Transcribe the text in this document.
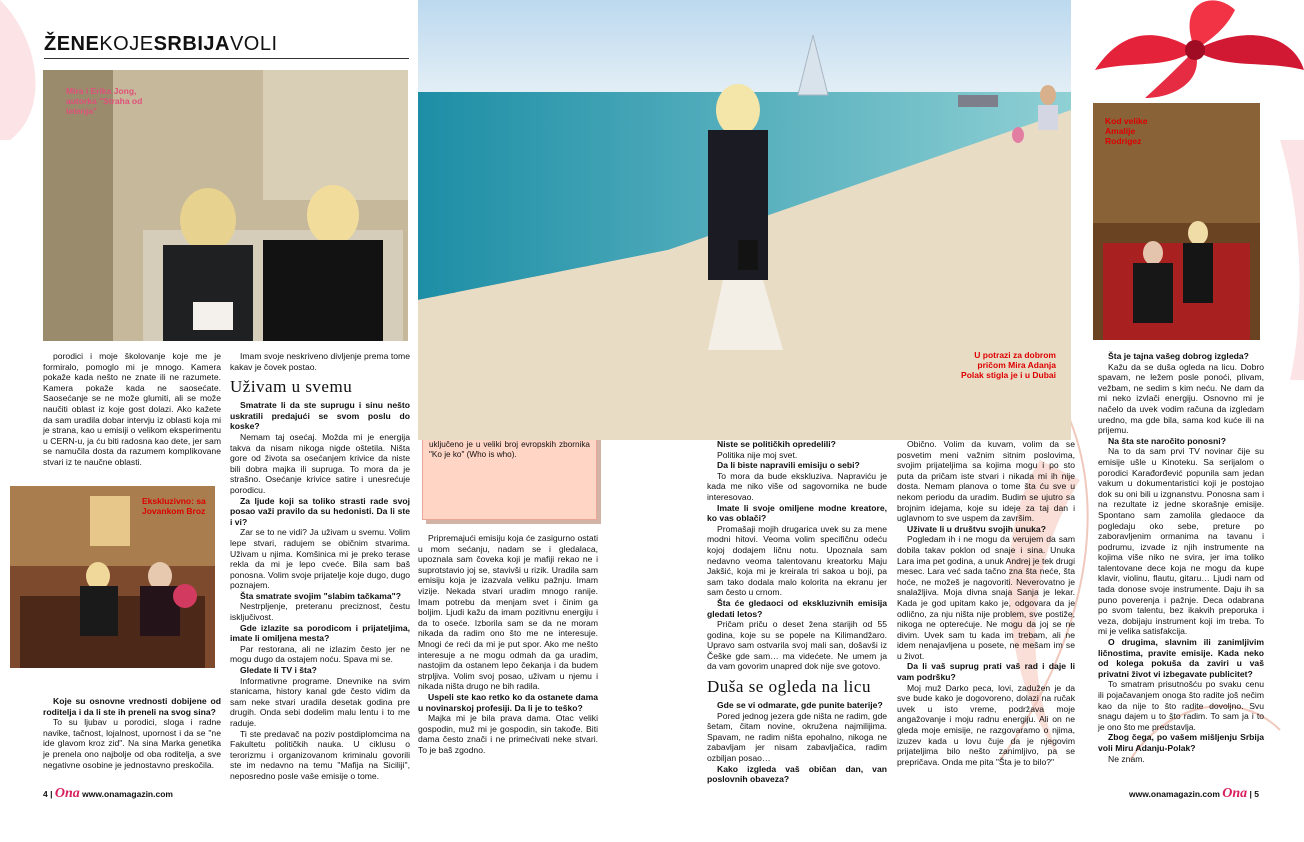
ŽENEKOJESRBIJAVOLI
Mira i Erika Jong, autorka "Straha od letenja"
Ekskluzivno: sa Jovankom Broz

porodici i moje školovanje koje me je formiralo, pomoglo mi je mnogo. Kamera pokaže kada nešto ne znate ili ne razumete. Kamera pokaže kada ne saosećate. Saosećanje se ne može glumiti, ali se može naučiti oblast iz koje gost dolazi. Ako kažete da sam uradila dobar intervju iz oblasti koja mi je strana, kao u emisiji o velikom eksperimentu u CERN-u, ja ću biti radosna kao dete, jer sam se namučila dosta da razumem komplikovane stvari iz te naučne oblasti.

Koje su osnovne vrednosti dobijene od roditelja i da li ste ih preneli na svog sina?

To su ljubav u porodici, sloga i radne navike, tačnost, lojalnost, upornost i da se "ne ide glavom kroz zid". Na sina Marka genetika je prenela ono najbolje od oba roditelja, a sve negativne osobine je jednostavno preskočila.

Imam svoje neskriveno divljenje prema tome kakav je čovek postao.

Uživam u svemu

Smatrate li da ste suprugu i sinu nešto uskratili predajući se svom poslu do koske?

Nemam taj osećaj. Možda mi je energija takva da nisam nikoga nigde oštetila. Ništa gore od života sa osećanjem krivice da niste bili dobra majka ili supruga. To mora da je strašno. Osećanje krivice satire i unesrećuje porodicu.

Za ljude koji sa toliko strasti rade svoj posao važi pravilo da su hedonisti. Da li ste i vi?

Zar se to ne vidi? Ja uživam u svemu. Volim lepe stvari, radujem se običnim stvarima. Uživam u njima. Komšinica mi je preko terase rekla da mi je lepo cveće. Bila sam baš ponosna. Volim svoje prijatelje koje dugo, dugo poznajem.

Šta smatrate svojim "slabim tačkama"?

Nestrpljenje, preteranu preciznost, čestu isključivost.

Gde izlazite sa porodicom i prijateljima, imate li omiljena mesta?

Par restorana, ali ne izlazim često jer ne mogu dugo da ostajem noću. Spava mi se.

Gledate li TV i šta?

Informativne programe. Dnevnike na svim stanicama, history kanal gde često vidim da sam neke stvari uradila desetak godina pre drugih. Onda sebi dodelim malu lentu i to me raduje.

Ti ste predavač na poziv postdiplomcima na Fakultetu političkih nauka. U ciklusu o terorizmu i organizovanom kriminalu govorili ste im nedavno na temu "Mafija na Siciliji", neposredno posle vaše emisije o tome.

uključeno je u veliki broj evropskih zbornika "Ko je ko" (Who is who).

Pripremajući emisiju koja će zasigurno ostati u mom sećanju, nadam se i gledalaca, upoznala sam čoveka koji je mafiji rekao ne i suprotstavio joj se, stavivši u rizik. Uradila sam emisiju koja je izazvala veliku pažnju. Imam vizije. Nekada stvari uradim mnogo ranije. Imam potrebu da menjam svet i činim ga boljim. Ljudi kažu da imam pozitivnu energiju i da to oseće. Izborila sam se da ne moram nikada da radim ono što me ne interesuje. Mnogi će reći da mi je put spor. Ako me nešto interesuje a ne mogu odmah da ga uradim, nastojim da ostanem lepo čekanja i da budem strpljiva. Volim svoj posao, uživam u njemu i nikada ništa drugo ne bih radila.

Uspeli ste kao retko ko da ostanete dama u novinarskoj profesiji. Da li je to teško?

Majka mi je bila prava dama. Otac veliki gospodin, muž mi je gospodin, sin takođe. Biti dama često znači i ne primećivati neke stvari. To je baš zgodno.

U potrazi za dobrom pričom Mira Adanja Polak stigla je i u Dubai

Niste se političkih opredelili?

Politika nije moj svet.

Da li biste napravili emisiju o sebi?

To mora da bude ekskluziva. Napraviću je kada me niko više od sagovornika ne bude interesovao.

Imate li svoje omiljene modne kreatore, ko vas oblači?

Promašaji mojih drugarica uvek su za mene modni hitovi. Veoma volim specifičnu odeću kojoj dodajem ličnu notu. Upoznala sam nedavno veoma talentovanu kreatorku Maju Jakšić, koja mi je kreirala tri sakoa u boji, pa sam tako dodala malo kolorita na ekranu jer sam često u crnom.

Šta će gledaoci od ekskluzivnih emisija gledati letos?

Pričam priču o deset žena starijih od 55 godina, koje su se popele na Kilimandžaro. Upravo sam ostvarila svoj mali san, došavši iz Češke gde sam… ma videćete. Ne umem ja da vam govorim unapred dok nije sve gotovo.

Duša se ogleda na licu

Gde se vi odmarate, gde punite baterije?

Pored jednog jezera gde ništa ne radim, gde šetam, čitam novine, okružena najmilijima. Spavam, ne radim ništa epohalno, nikoga ne zabavljam jer nisam zabavljačica, radim ozbiljan posao…

Kako izgleda vaš običan dan, van poslovnih obaveza?

Običnо. Volim da kuvam, volim da se posvetim meni važnim sitnim poslovima, svojim prijateljima sa kojima mogu i po sto puta da pričam iste stvari i nikada mi ih nije dosta. Nemam planova o tome šta ću sve u nekom periodu da uradim. Budim se ujutro sa brojnim idejama, koje su ideje za taj dan i uglavnom to sve uspem da završim.

Uživate li u društvu svojih unuka?

Pogledam ih i ne mogu da verujem da sam dobila takav poklon od snaje i sina. Unuka Lara ima pet godina, a unuk Andrej je tek drugi mesec. Lara već sada tačno zna šta neće, šta hoće, ne možeš je nagovoriti. Neverovatno je snalažljiva. Moja divna snaja Sanja je lekar. Kada je god upitam kako je, odgovara da je odlično, za nju ništa nije problem, sve postiže, nikoga ne opterećuje. Ne mogu da joj se ne divim. Uvek sam tu kada im trebam, ali ne idem nenajavljena u posete, ne mešam im se u život.

Da li vaš suprug prati vaš rad i daje li vam podršku?

Moj muž Darko peca, lovi, zadužen je da sve bude kako je dogovoreno, dolazi na ručak uvek u isto vreme, podržava moje angažovanje i moju radnu energiju. Ali on ne gleda moje emisije, ne razgovaramo o njima, izuzev kada u lovu čuje da je njegovim prijateljima bilo nešto zanimljivo, pa se prepričava. Onda me pita "Šta je to bilo?"

Kod velike Amalije Rodrigez

Šta je tajna vašeg dobrog izgleda?

Kažu da se duša ogleda na licu. Dobro spavam, ne ležem posle ponoći, plivam, vežbam, ne sedim s kim neću. Ne dam da mi neko izvlači energiju. Osnovno mi je načelo da uvek vodim računa da izgledam uredno, ma gde bila, sama kod kuće ili na prijemu.

Na šta ste naročito ponosni?

Na to da sam prvi TV novinar čije su emisije ušle u Kinoteku. Sa serijalom o porodici Karađorđević popunila sam jedan vakum u dokumentaristici koji je postojao dok su oni bili u izgnanstvu. Ponosna sam i na rezultate iz jedne skorašnje emisije. Spontano sam zamolila gledaoce da pogledaju oko sebe, preture po zaboravljenim ormanima na tavanu i podrumu, izvade iz njih instrumente na kojima više niko ne svira, jer ima toliko talentovane dece koja ne mogu da kupe klavir, violinu, flautu, gitaru… Ljudi nam od tada donose svoje instrumente. Daju ih sa puno poverenja i pažnje. Deca odabrana po svom talentu, bez ikakvih preporuka i veza, dobijaju instrument koji im treba. To mi je velika satisfakcija.

O drugima, slavnim ili zanimljivim ličnostima, pravite emisije. Kada neko od kolega pokuša da zaviri u vaš privatni život vi izbegavate publicitet?

To smatram prisutnošću po svaku cenu ili pojačavanjem onoga što radite još nečim kao da nije to što radite dovoljno. Svu snagu dajem u to što radim. To sam ja i to je ono što me predstavlja.

Zbog čega, po vašem mišljenju Srbija voli Miru Adanju-Polak?

Ne znam.

4 | Ona www.onamagazin.com	www.onamagazin.com Ona | 5
